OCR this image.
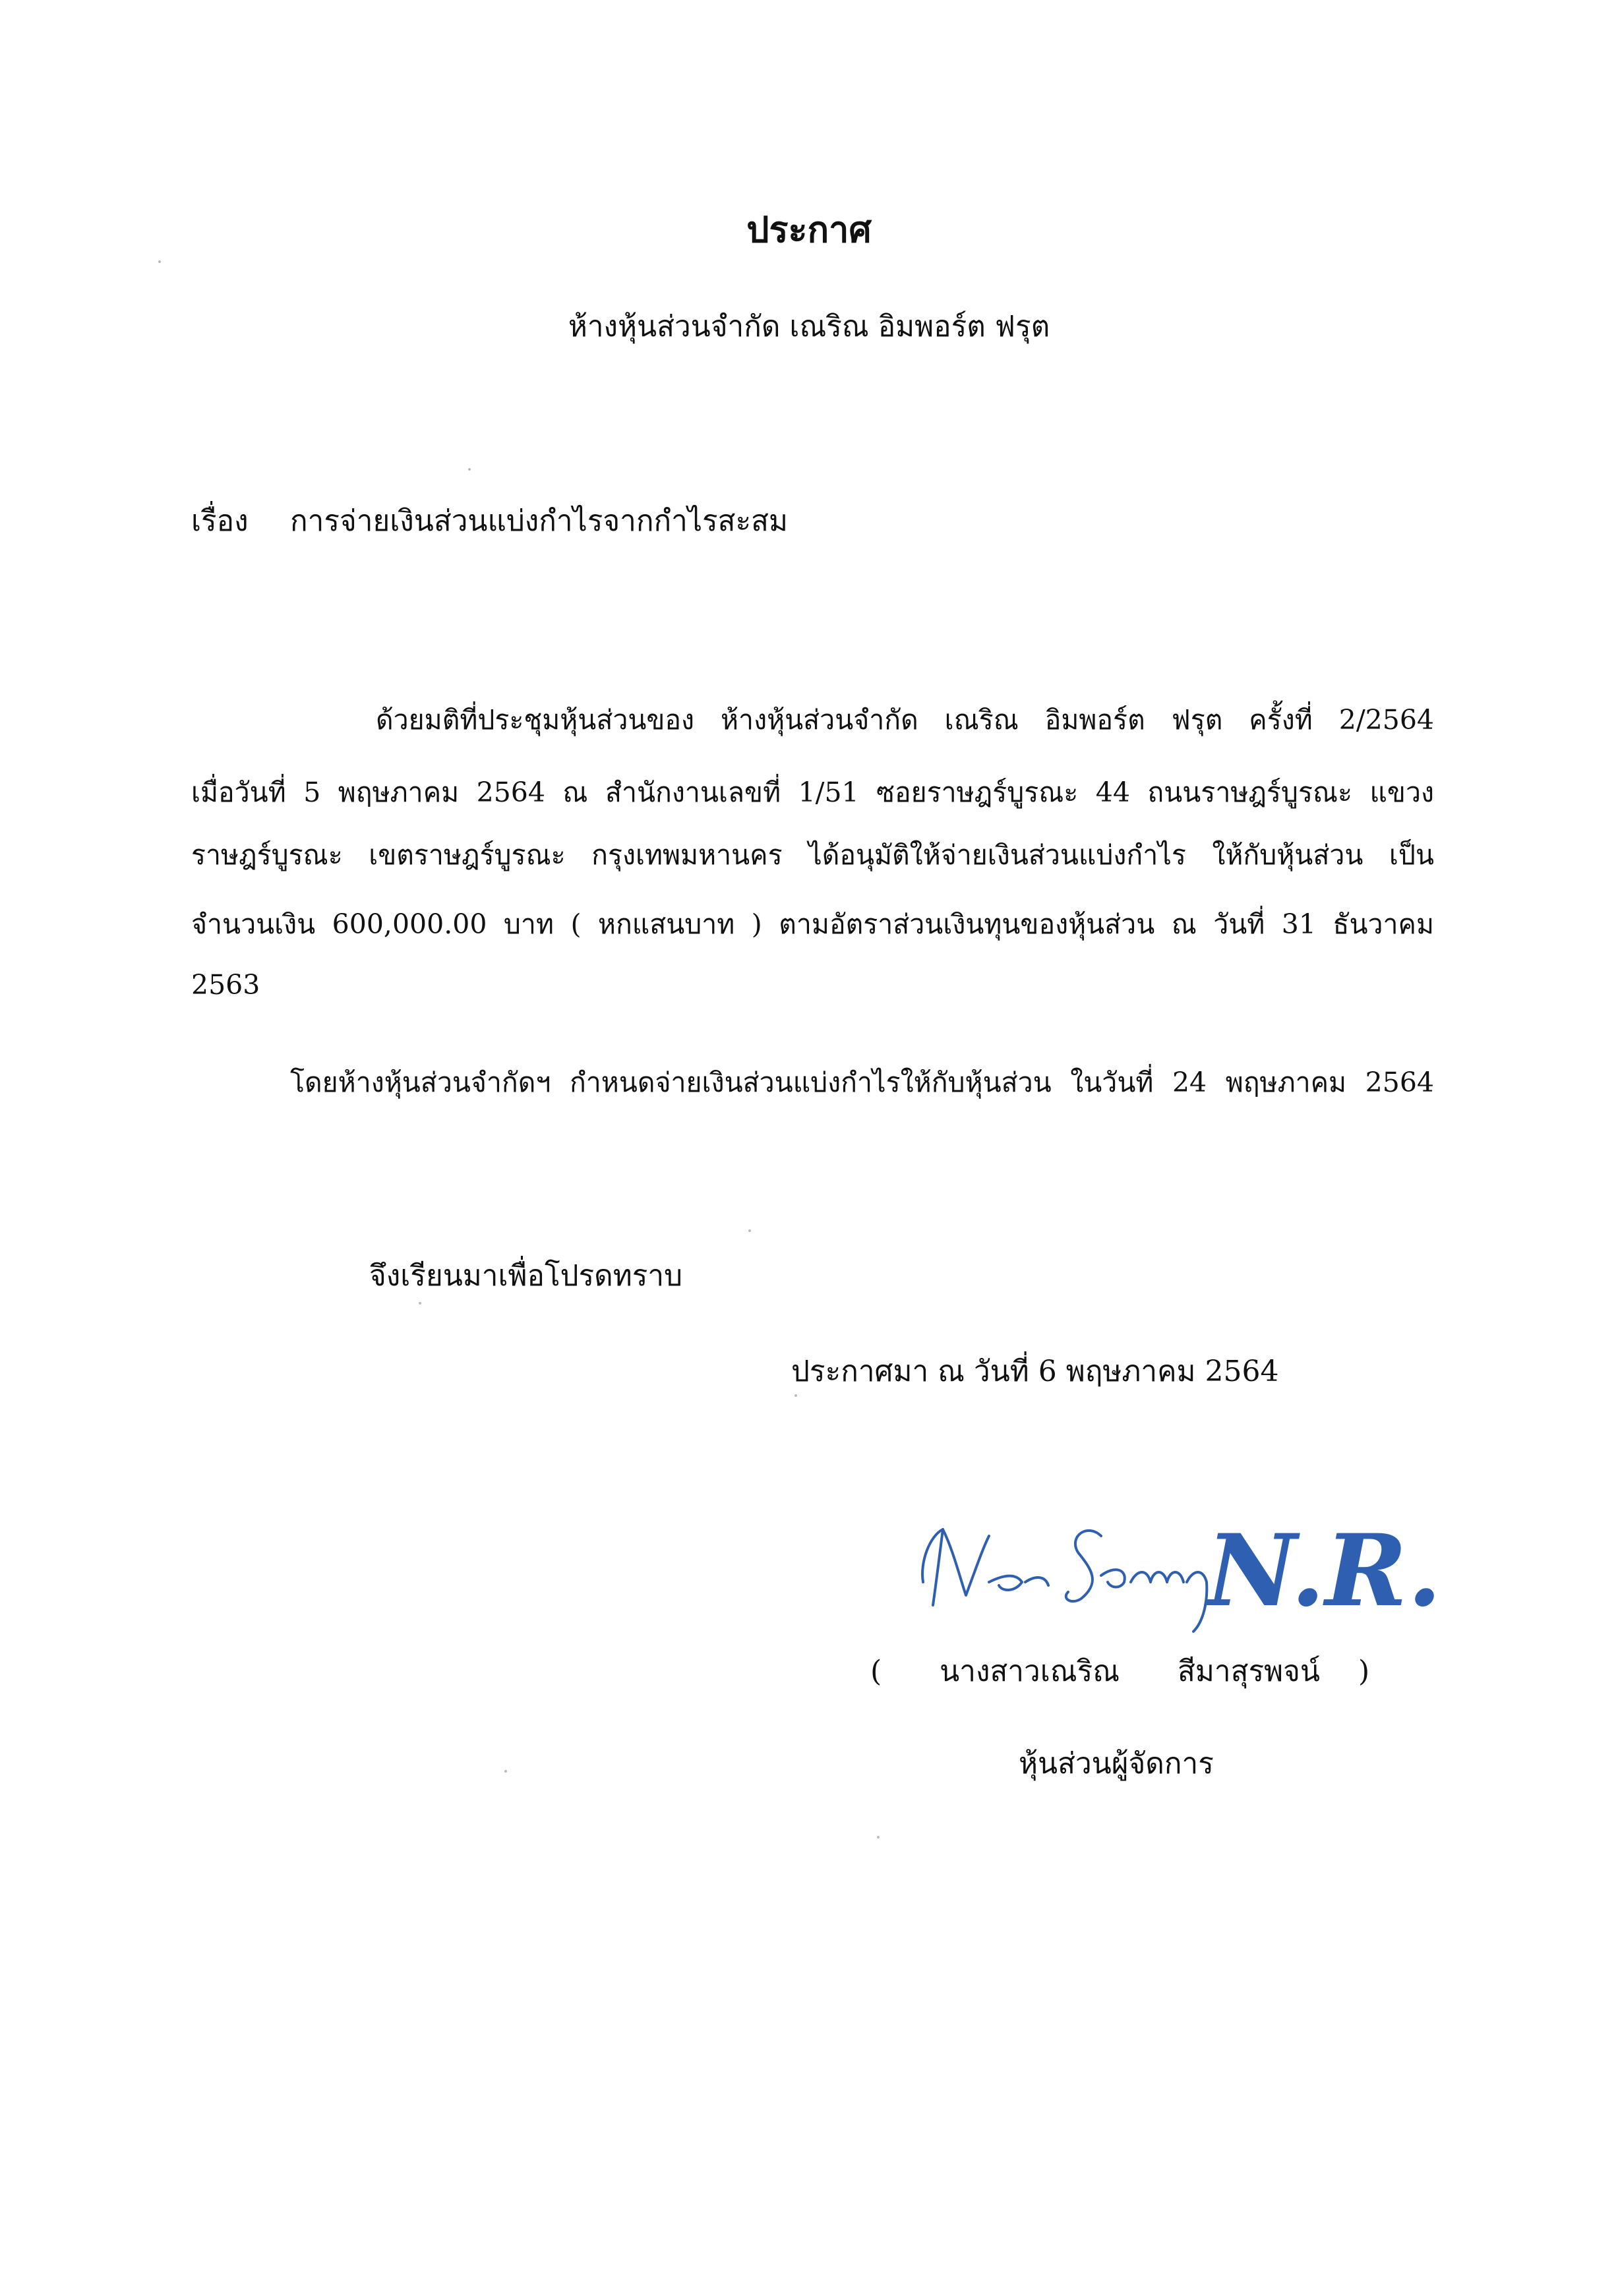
ประกาศ
ห้างหุ้นส่วนจำกัด เณริณ อิมพอร์ต ฟรุต
เรื่อง การจ่ายเงินส่วนแบ่งกำไรจากกำไรสะสม
ด้วยมติที่ประชุมหุ้นส่วนของ ห้างหุ้นส่วนจำกัด เณริณ อิมพอร์ต ฟรุต ครั้งที่ 2/2564
เมื่อวันที่ 5 พฤษภาคม 2564 ณ สำนักงานเลขที่ 1/51 ซอยราษฎร์บูรณะ 44 ถนนราษฎร์บูรณะ แขวง
ราษฎร์บูรณะ เขตราษฎร์บูรณะ กรุงเทพมหานคร ได้อนุมัติให้จ่ายเงินส่วนแบ่งกำไร ให้กับหุ้นส่วน เป็น
จำนวนเงิน 600,000.00 บาท ( หกแสนบาท ) ตามอัตราส่วนเงินทุนของหุ้นส่วน ณ วันที่ 31 ธันวาคม
2563
โดยห้างหุ้นส่วนจำกัดฯ กำหนดจ่ายเงินส่วนแบ่งกำไรให้กับหุ้นส่วน ในวันที่ 24 พฤษภาคม 2564
จึงเรียนมาเพื่อโปรดทราบ
ประกาศมา ณ วันที่ 6 พฤษภาคม 2564
N.R.
( นางสาวเณริณ สีมาสุรพจน์ )
หุ้นส่วนผู้จัดการ
